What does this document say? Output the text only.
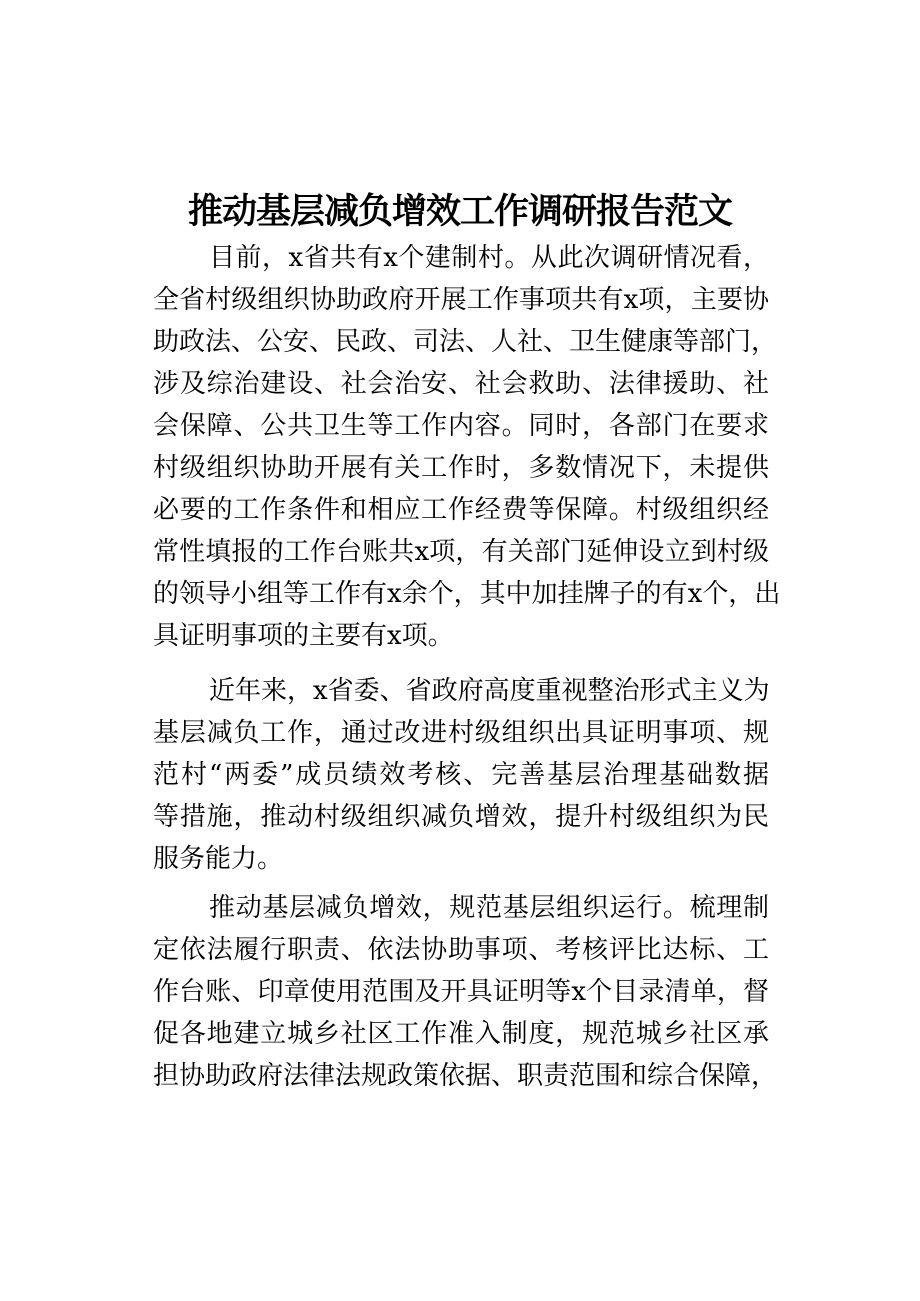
推动基层减负增效工作调研报告范文
目前，x省共有x个建制村。从此次调研情况看，
全省村级组织协助政府开展工作事项共有x项，主要协
助政法、公安、民政、司法、人社、卫生健康等部门，
涉及综治建设、社会治安、社会救助、法律援助、社
会保障、公共卫生等工作内容。同时，各部门在要求
村级组织协助开展有关工作时，多数情况下，未提供
必要的工作条件和相应工作经费等保障。村级组织经
常性填报的工作台账共x项，有关部门延伸设立到村级
的领导小组等工作有x余个，其中加挂牌子的有x个，出
具证明事项的主要有x项。
近年来，x省委、省政府高度重视整治形式主义为
基层减负工作，通过改进村级组织出具证明事项、规
范村“两委”成员绩效考核、完善基层治理基础数据
等措施，推动村级组织减负增效，提升村级组织为民
服务能力。
推动基层减负增效，规范基层组织运行。梳理制
定依法履行职责、依法协助事项、考核评比达标、工
作台账、印章使用范围及开具证明等x个目录清单，督
促各地建立城乡社区工作准入制度，规范城乡社区承
担协助政府法律法规政策依据、职责范围和综合保障，
